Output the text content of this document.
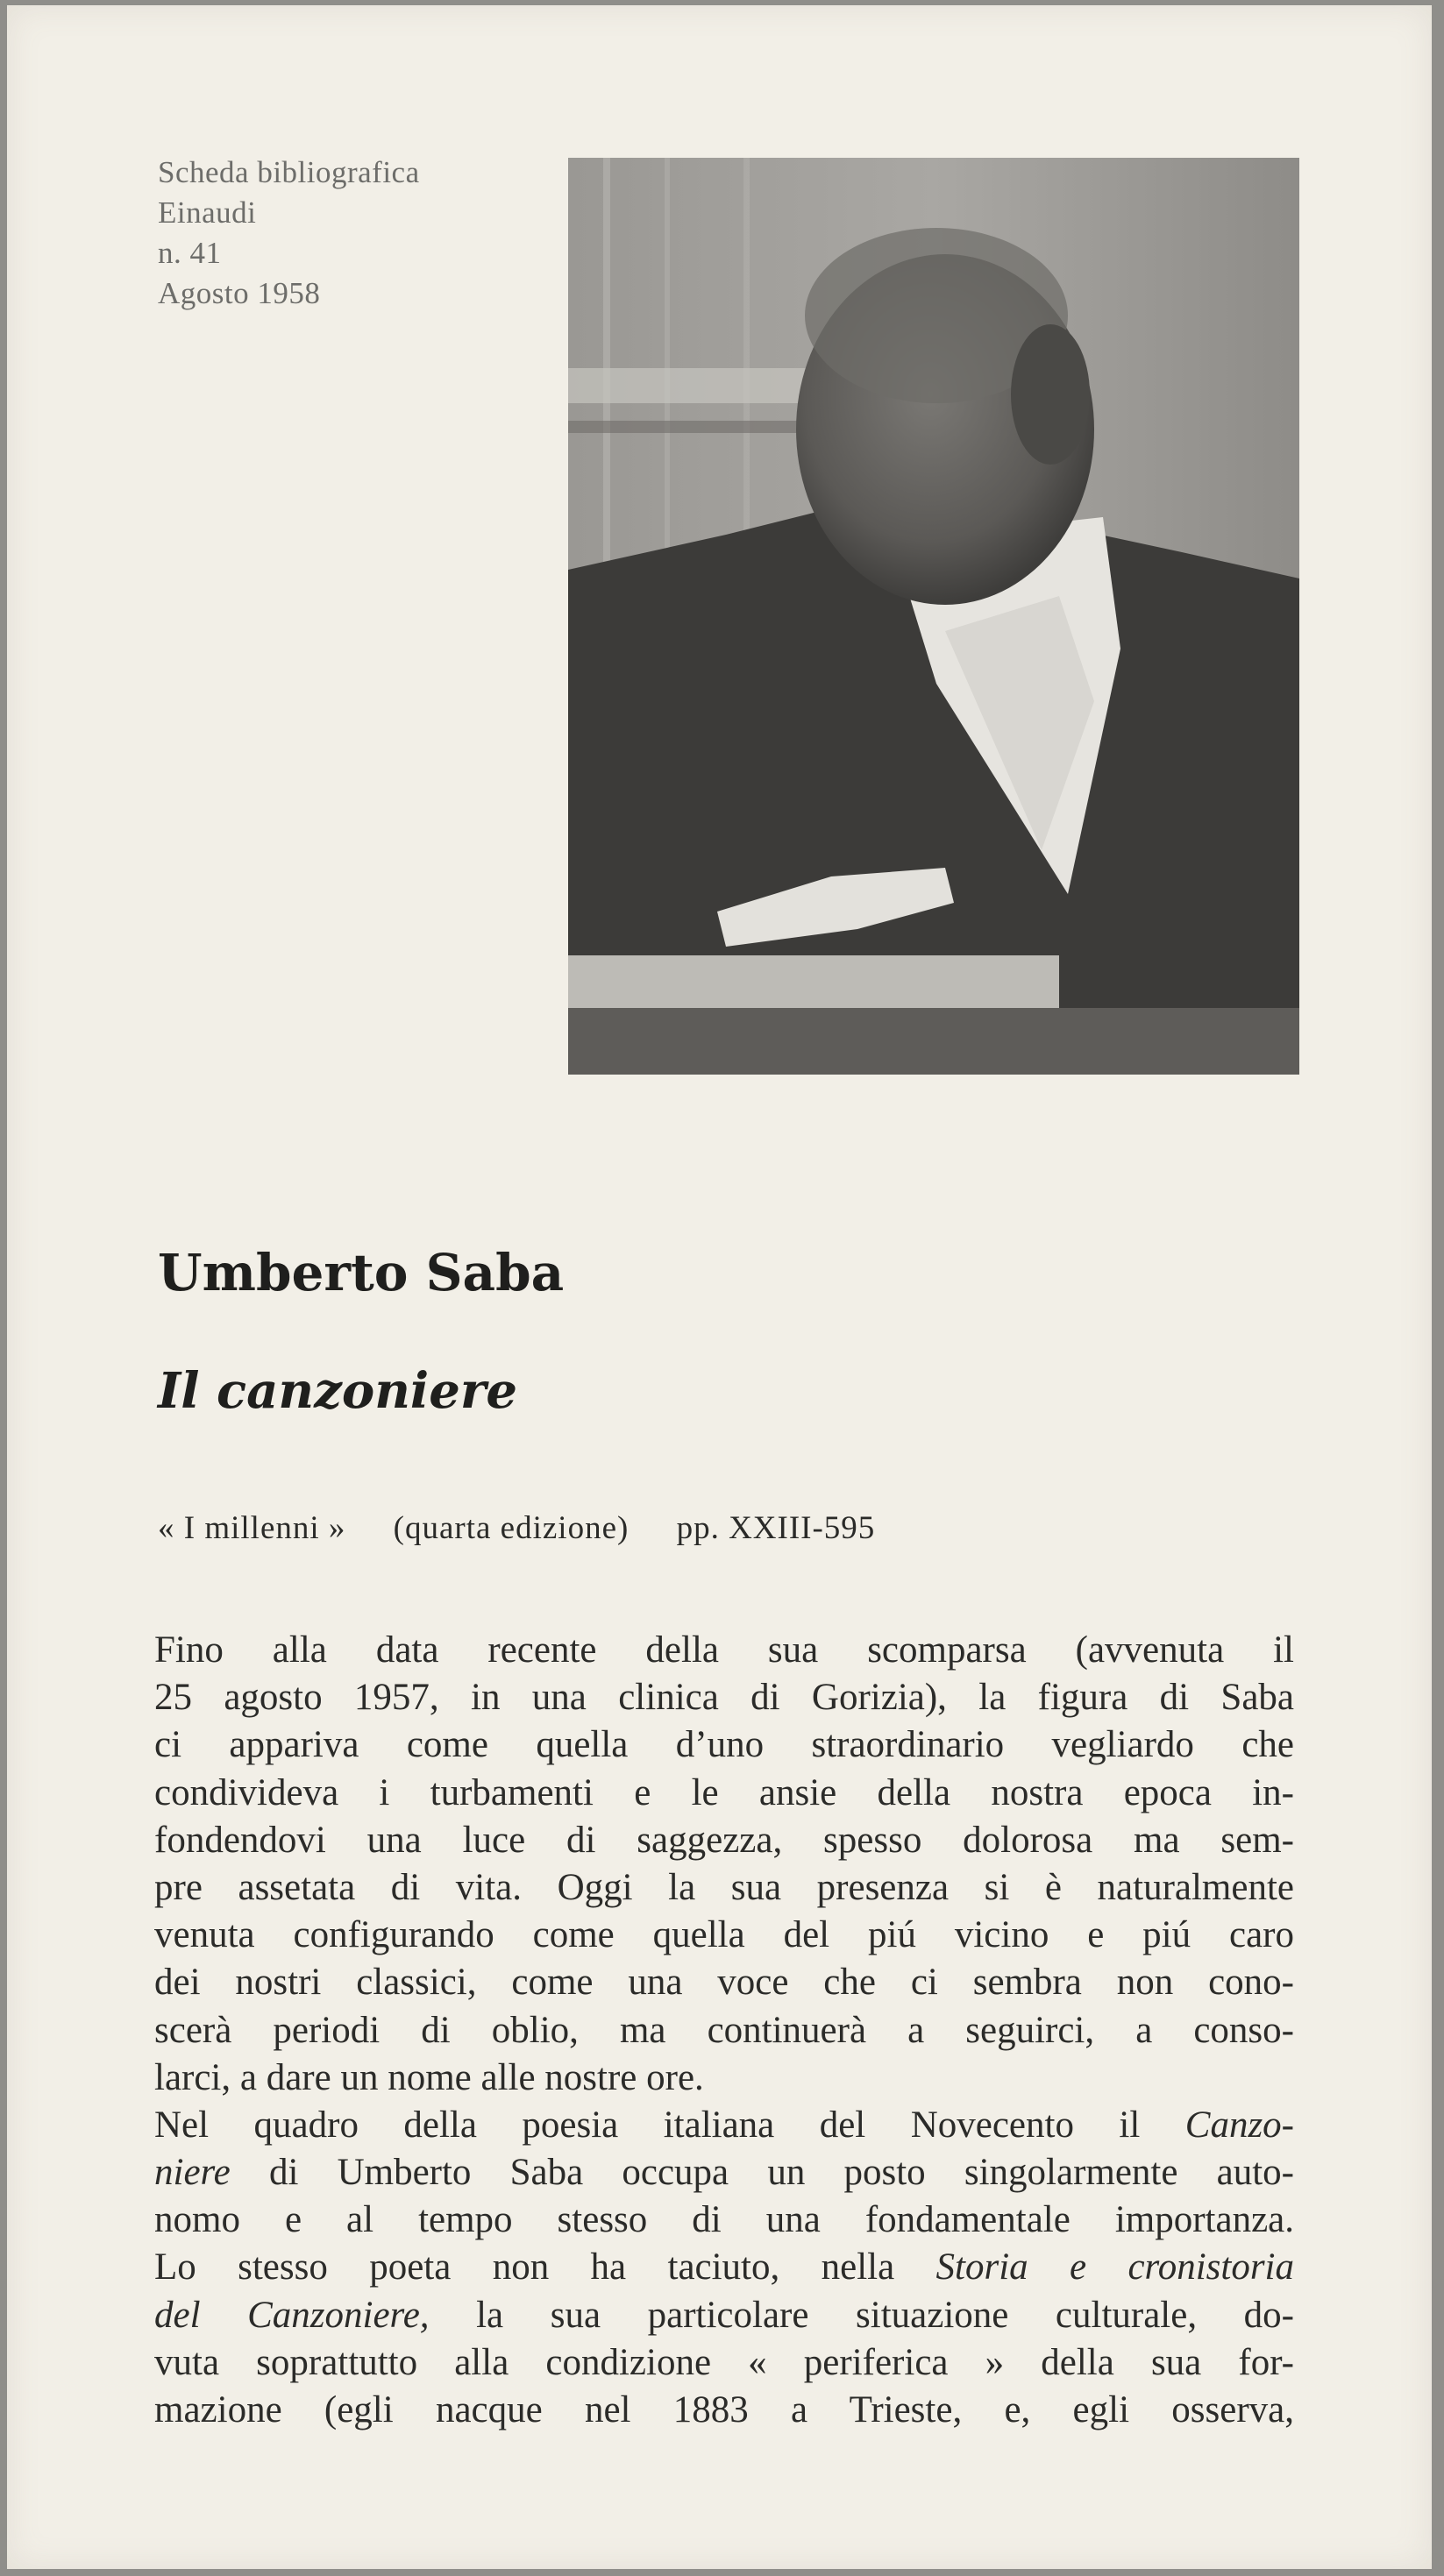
Scheda bibliografica
Einaudi
n. 41
Agosto 1958
Umberto Saba
Il canzoniere
« I millenni » (quarta edizione) pp. XXIII-595
Fino alla data recente della sua scomparsa (avvenuta il
25 agosto 1957, in una clinica di Gorizia), la figura di Saba
ci appariva come quella d’uno straordinario vegliardo che
condivideva i turbamenti e le ansie della nostra epoca in-
fondendovi una luce di saggezza, spesso dolorosa ma sem-
pre assetata di vita. Oggi la sua presenza si è naturalmente
venuta configurando come quella del piú vicino e piú caro
dei nostri classici, come una voce che ci sembra non cono-
scerà periodi di oblio, ma continuerà a seguirci, a conso-
larci, a dare un nome alle nostre ore.
Nel quadro della poesia italiana del Novecento il Canzo-
niere di Umberto Saba occupa un posto singolarmente auto-
nomo e al tempo stesso di una fondamentale importanza.
Lo stesso poeta non ha taciuto, nella Storia e cronistoria
del Canzoniere, la sua particolare situazione culturale, do-
vuta soprattutto alla condizione « periferica » della sua for-
mazione (egli nacque nel 1883 a Trieste, e, egli osserva,
